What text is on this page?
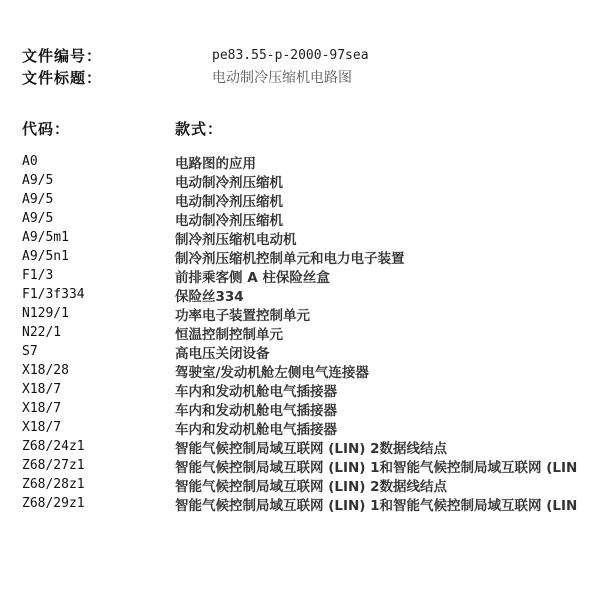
文件编号：	pe83.55-p-2000-97sea
文件标题：	电动制冷压缩机电路图
代码：	款式：
A0	电路图的应用
A9/5	电动制冷剂压缩机
A9/5	电动制冷剂压缩机
A9/5	电动制冷剂压缩机
A9/5m1	制冷剂压缩机电动机
A9/5n1	制冷剂压缩机控制单元和电力电子装置
F1/3	前排乘客侧 A 柱保险丝盒
F1/3f334	保险丝334
N129/1	功率电子装置控制单元
N22/1	恒温控制控制单元
S7	高电压关闭设备
X18/28	驾驶室/发动机舱左侧电气连接器
X18/7	车内和发动机舱电气插接器
X18/7	车内和发动机舱电气插接器
X18/7	车内和发动机舱电气插接器
Z68/24z1	智能气候控制局域互联网 (LIN) 2数据线结点
Z68/27z1	智能气候控制局域互联网 (LIN) 1和智能气候控制局域互联网 (LIN
Z68/28z1	智能气候控制局域互联网 (LIN) 2数据线结点
Z68/29z1	智能气候控制局域互联网 (LIN) 1和智能气候控制局域互联网 (LIN
